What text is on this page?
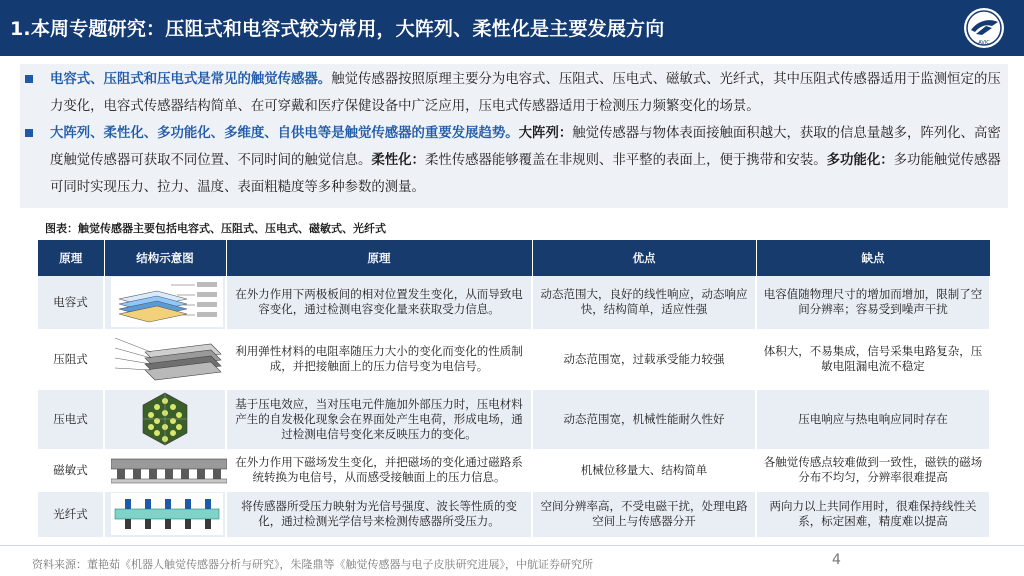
1.本周专题研究：压阻式和电容式较为常用，大阵列、柔性化是主要发展方向
AVIC
电容式、压阻式和压电式是常见的触觉传感器。触觉传感器按照原理主要分为电容式、压阻式、压电式、磁敏式、光纤式，其中压阻式传感器适用于监测恒定的压力变化，电容式传感器结构简单、在可穿戴和医疗保健设备中广泛应用，压电式传感器适用于检测压力频繁变化的场景。
大阵列、柔性化、多功能化、多维度、自供电等是触觉传感器的重要发展趋势。大阵列：触觉传感器与物体表面接触面积越大，获取的信息量越多，阵列化、高密度触觉传感器可获取不同位置、不同时间的触觉信息。柔性化：柔性传感器能够覆盖在非规则、非平整的表面上，便于携带和安装。多功能化：多功能触觉传感器可同时实现压力、拉力、温度、表面粗糙度等多种参数的测量。
图表：触觉传感器主要包括电容式、压阻式、压电式、磁敏式、光纤式
原理	结构示意图	原理	优点	缺点
电容式		在外力作用下两极板间的相对位置发生变化，从而导致电容变化，通过检测电容变化量来获取受力信息。	动态范围大，良好的线性响应，动态响应快，结构简单，适应性强	电容值随物理尺寸的增加而增加，限制了空间分辨率；容易受到噪声干扰
压阻式		利用弹性材料的电阻率随压力大小的变化而变化的性质制成，并把接触面上的压力信号变为电信号。	动态范围宽，过载承受能力较强	体积大，不易集成，信号采集电路复杂，压敏电阻漏电流不稳定
压电式		基于压电效应，当对压电元件施加外部压力时，压电材料产生的自发极化现象会在界面处产生电荷，形成电场，通过检测电信号变化来反映压力的变化。	动态范围宽，机械性能耐久性好	压电响应与热电响应同时存在
磁敏式		在外力作用下磁场发生变化，并把磁场的变化通过磁路系统转换为电信号，从而感受接触面上的压力信息。	机械位移量大、结构简单	各触觉传感点较难做到一致性，磁铁的磁场分布不均匀，分辨率很难提高
光纤式		将传感器所受压力映射为光信号强度、波长等性质的变化，通过检测光学信号来检测传感器所受压力。	空间分辨率高，不受电磁干扰，处理电路空间上与传感器分开	两向力以上共同作用时，很难保持线性关系，标定困难，精度难以提高
资料来源：董艳茹《机器人触觉传感器分析与研究》，朱隆鼎等《触觉传感器与电子皮肤研究进展》，中航证券研究所	4
